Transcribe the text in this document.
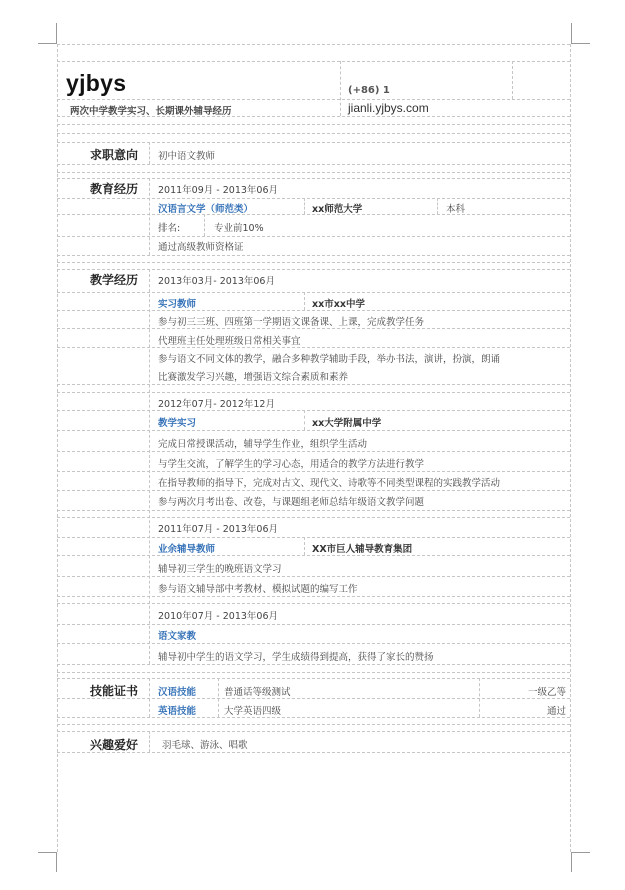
yjbys
两次中学教学实习、长期课外辅导经历
(+86) 1
jianli.yjbys.com
求职意向 初中语文教师
教育经历 2011年09月 - 2013年06月
汉语言文学（师范类）	xx师范大学	本科
排名:	专业前10%
通过高级教师资格证
教学经历 2013年03月- 2013年06月
实习教师	xx市xx中学
参与初三三班、四班第一学期语文课备课、上课，完成教学任务
代理班主任处理班级日常相关事宜
参与语文不同文体的教学，融合多种教学辅助手段，举办书法，演讲，扮演，朗诵
比赛激发学习兴趣，增强语文综合素质和素养
2012年07月- 2012年12月
教学实习	xx大学附属中学
完成日常授课活动，辅导学生作业，组织学生活动
与学生交流，了解学生的学习心态，用适合的教学方法进行教学
在指导教师的指导下，完成对古文、现代文、诗歌等不同类型课程的实践教学活动
参与两次月考出卷、改卷，与课题组老师总结年级语文教学问题
2011年07月 - 2013年06月
业余辅导教师	XX市巨人辅导教育集团
辅导初三学生的晚班语文学习
参与语文辅导部中考教材、模拟试题的编写工作
2010年07月 - 2013年06月
语文家教
辅导初中学生的语文学习，学生成绩得到提高，获得了家长的赞扬
技能证书 汉语技能	普通话等级测试	一级乙等
英语技能	大学英语四级	通过
兴趣爱好	羽毛球、游泳、唱歌
